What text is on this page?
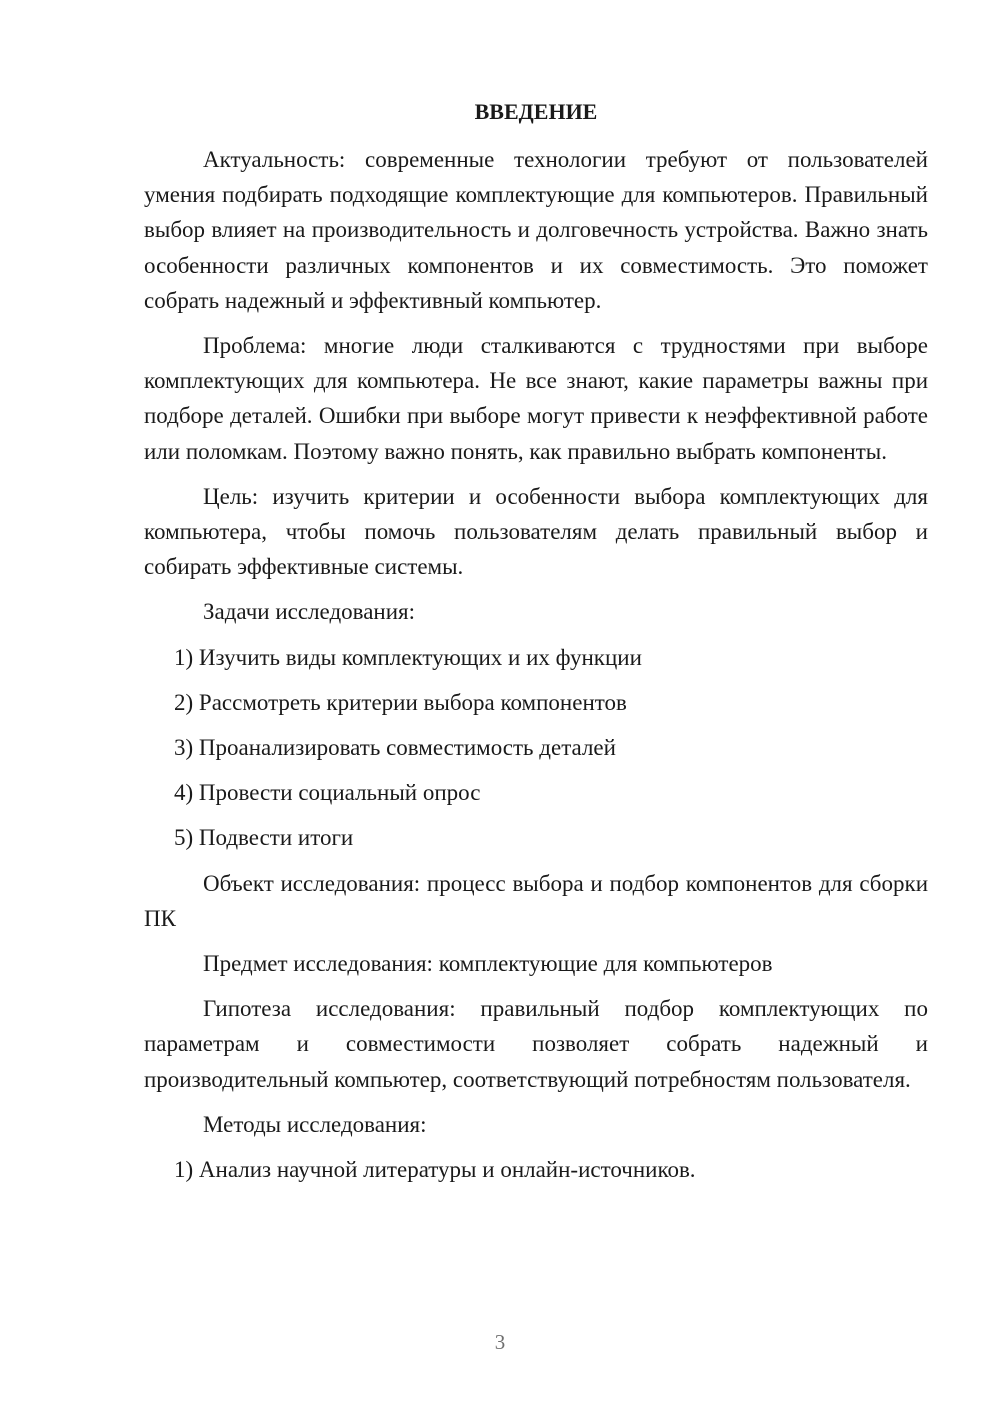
ВВЕДЕНИЕ

Актуальность: современные технологии требуют от пользователей умения подбирать подходящие комплектующие для компьютеров. Правильный выбор влияет на производительность и долговечность устройства. Важно знать особенности различных компонентов и их совместимость. Это поможет собрать надежный и эффективный компьютер.

Проблема: многие люди сталкиваются с трудностями при выборе комплектующих для компьютера. Не все знают, какие параметры важны при подборе деталей. Ошибки при выборе могут привести к неэффективной работе или поломкам. Поэтому важно понять, как правильно выбрать компоненты.

Цель: изучить критерии и особенности выбора комплектующих для компьютера, чтобы помочь пользователям делать правильный выбор и собирать эффективные системы.

Задачи исследования:

1) Изучить виды комплектующих и их функции
2) Рассмотреть критерии выбора компонентов
3) Проанализировать совместимость деталей
4) Провести социальный опрос
5) Подвести итоги

Объект исследования: процесс выбора и подбор компонентов для сборки ПК

Предмет исследования: комплектующие для компьютеров

Гипотеза исследования: правильный подбор комплектующих по параметрам и совместимости позволяет собрать надежный и производительный компьютер, соответствующий потребностям пользователя.

Методы исследования:

1) Анализ научной литературы и онлайн-источников.
3
